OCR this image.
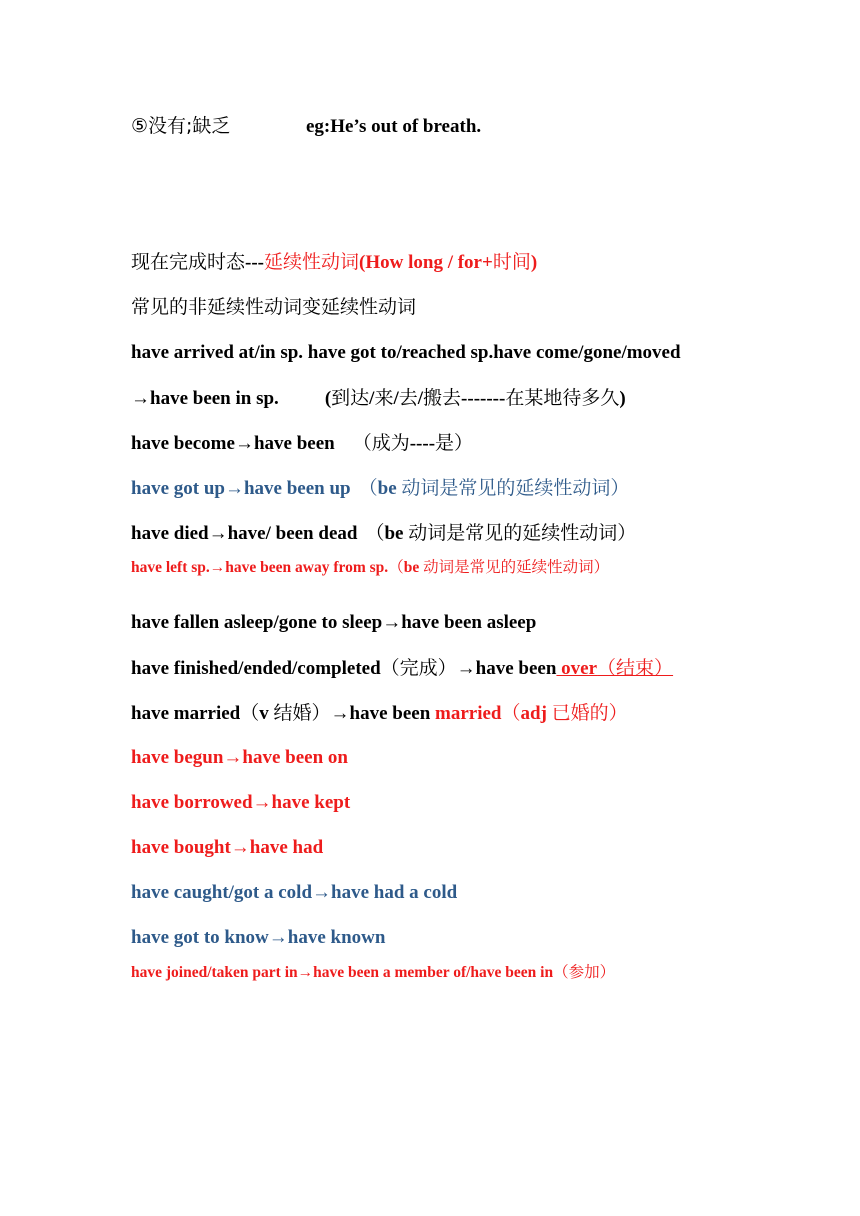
⑤没有;缺乏	eg:He’s out of breath.
现在完成时态---延续性动词(How long / for+时间)
常见的非延续性动词变延续性动词
have arrived at/in sp. have got to/reached sp.have come/gone/moved
→have been in sp. (到达/来/去/搬去-------在某地待多久)
have become→have been （成为----是）
have got up→have been up （be 动词是常见的延续性动词）
have died→have/ been dead （be 动词是常见的延续性动词）
have left sp.→have been away from sp.（be 动词是常见的延续性动词）
have fallen asleep/gone to sleep→have been asleep
have finished/ended/completed（完成）→have been over（结束）
have married（v 结婚）→have been married（adj 已婚的）
have begun→have been on
have borrowed→have kept
have bought→have had
have caught/got a cold→have had a cold
have got to know→have known
have joined/taken part in→have been a member of/have been in（参加）
